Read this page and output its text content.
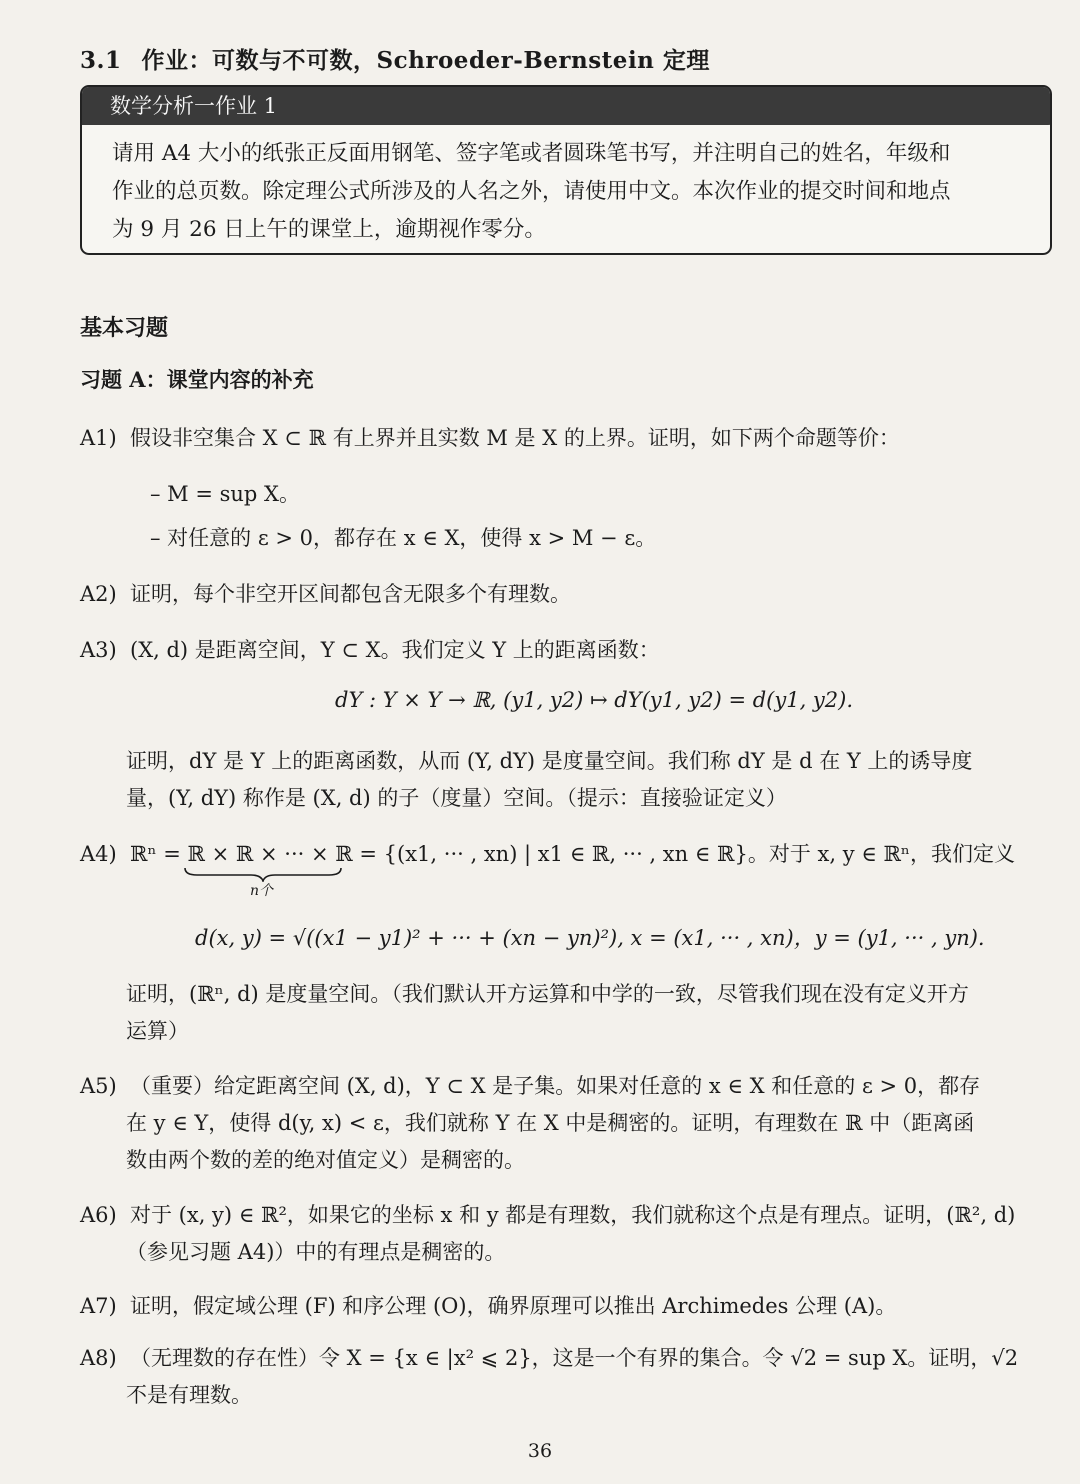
3.1 作业：可数与不可数，Schroeder-Bernstein 定理
数学分析一作业 1
请用 A4 大小的纸张正反面用钢笔、签字笔或者圆珠笔书写，并注明自己的姓名，年级和
作业的总页数。除定理公式所涉及的人名之外，请使用中文。本次作业的提交时间和地点
为 9 月 26 日上午的课堂上，逾期视作零分。
基本习题
习题 A：课堂内容的补充
A1) 假设非空集合 X ⊂ ℝ 有上界并且实数 M 是 X 的上界。证明，如下两个命题等价：
– M = sup X。
– 对任意的 ε > 0，都存在 x ∈ X，使得 x > M − ε。
A2) 证明，每个非空开区间都包含无限多个有理数。
A3) (X, d) 是距离空间，Y ⊂ X。我们定义 Y 上的距离函数：
dY : Y × Y → ℝ, (y1, y2) ↦ dY(y1, y2) = d(y1, y2).
证明，dY 是 Y 上的距离函数，从而 (Y, dY) 是度量空间。我们称 dY 是 d 在 Y 上的诱导度
量，(Y, dY) 称作是 (X, d) 的子（度量）空间。（提示：直接验证定义）
A4) ℝⁿ = ℝ × ℝ × ··· × ℝ = {(x1, ··· , xn) | x1 ∈ ℝ, ··· , xn ∈ ℝ}。对于 x, y ∈ ℝⁿ，我们定义
n个
d(x, y) = √((x1 − y1)² + ··· + (xn − yn)²), x = (x1, ··· , xn)，y = (y1, ··· , yn).
证明，(ℝⁿ, d) 是度量空间。（我们默认开方运算和中学的一致，尽管我们现在没有定义开方
运算）
A5) （重要）给定距离空间 (X, d)，Y ⊂ X 是子集。如果对任意的 x ∈ X 和任意的 ε > 0，都存
在 y ∈ Y，使得 d(y, x) < ε，我们就称 Y 在 X 中是稠密的。证明，有理数在 ℝ 中（距离函
数由两个数的差的绝对值定义）是稠密的。
A6) 对于 (x, y) ∈ ℝ²，如果它的坐标 x 和 y 都是有理数，我们就称这个点是有理点。证明，(ℝ², d)
（参见习题 A4)）中的有理点是稠密的。
A7) 证明，假定域公理 (F) 和序公理 (O)，确界原理可以推出 Archimedes 公理 (A)。
A8) （无理数的存在性）令 X = {x ∈ |x² ⩽ 2}，这是一个有界的集合。令 √2 = sup X。证明，√2
不是有理数。
36
